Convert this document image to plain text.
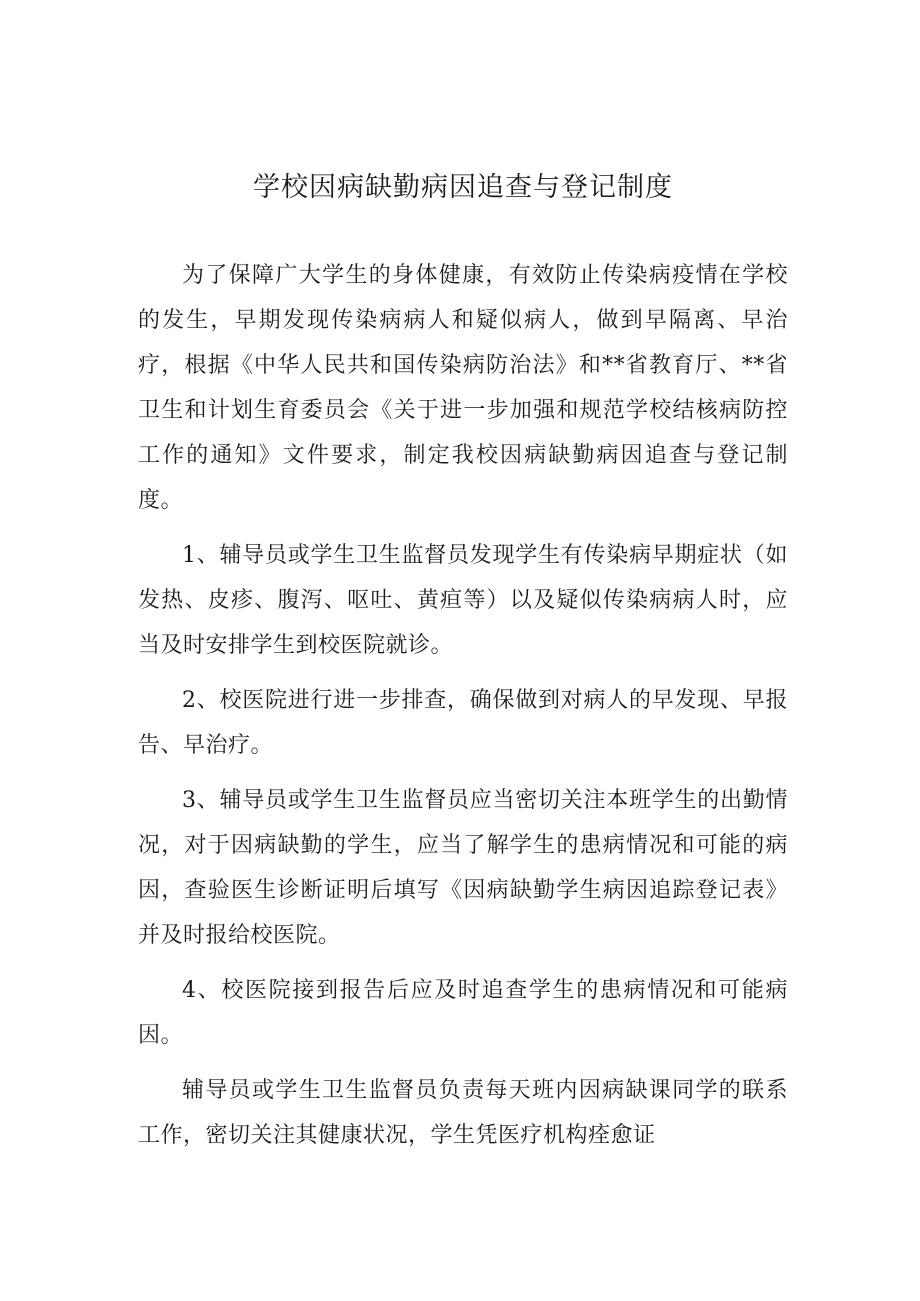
学校因病缺勤病因追查与登记制度

为了保障广大学生的身体健康，有效防止传染病疫情在学校的发生，早期发现传染病病人和疑似病人，做到早隔离、早治疗，根据《中华人民共和国传染病防治法》和**省教育厅、**省卫生和计划生育委员会《关于进一步加强和规范学校结核病防控工作的通知》文件要求，制定我校因病缺勤病因追查与登记制度。

1、辅导员或学生卫生监督员发现学生有传染病早期症状（如发热、皮疹、腹泻、呕吐、黄疸等）以及疑似传染病病人时，应当及时安排学生到校医院就诊。

2、校医院进行进一步排查，确保做到对病人的早发现、早报告、早治疗。

3、辅导员或学生卫生监督员应当密切关注本班学生的出勤情况，对于因病缺勤的学生，应当了解学生的患病情况和可能的病因，查验医生诊断证明后填写《因病缺勤学生病因追踪登记表》并及时报给校医院。

4、校医院接到报告后应及时追查学生的患病情况和可能病因。

辅导员或学生卫生监督员负责每天班内因病缺课同学的联系工作，密切关注其健康状况，学生凭医疗机构痊愈证
